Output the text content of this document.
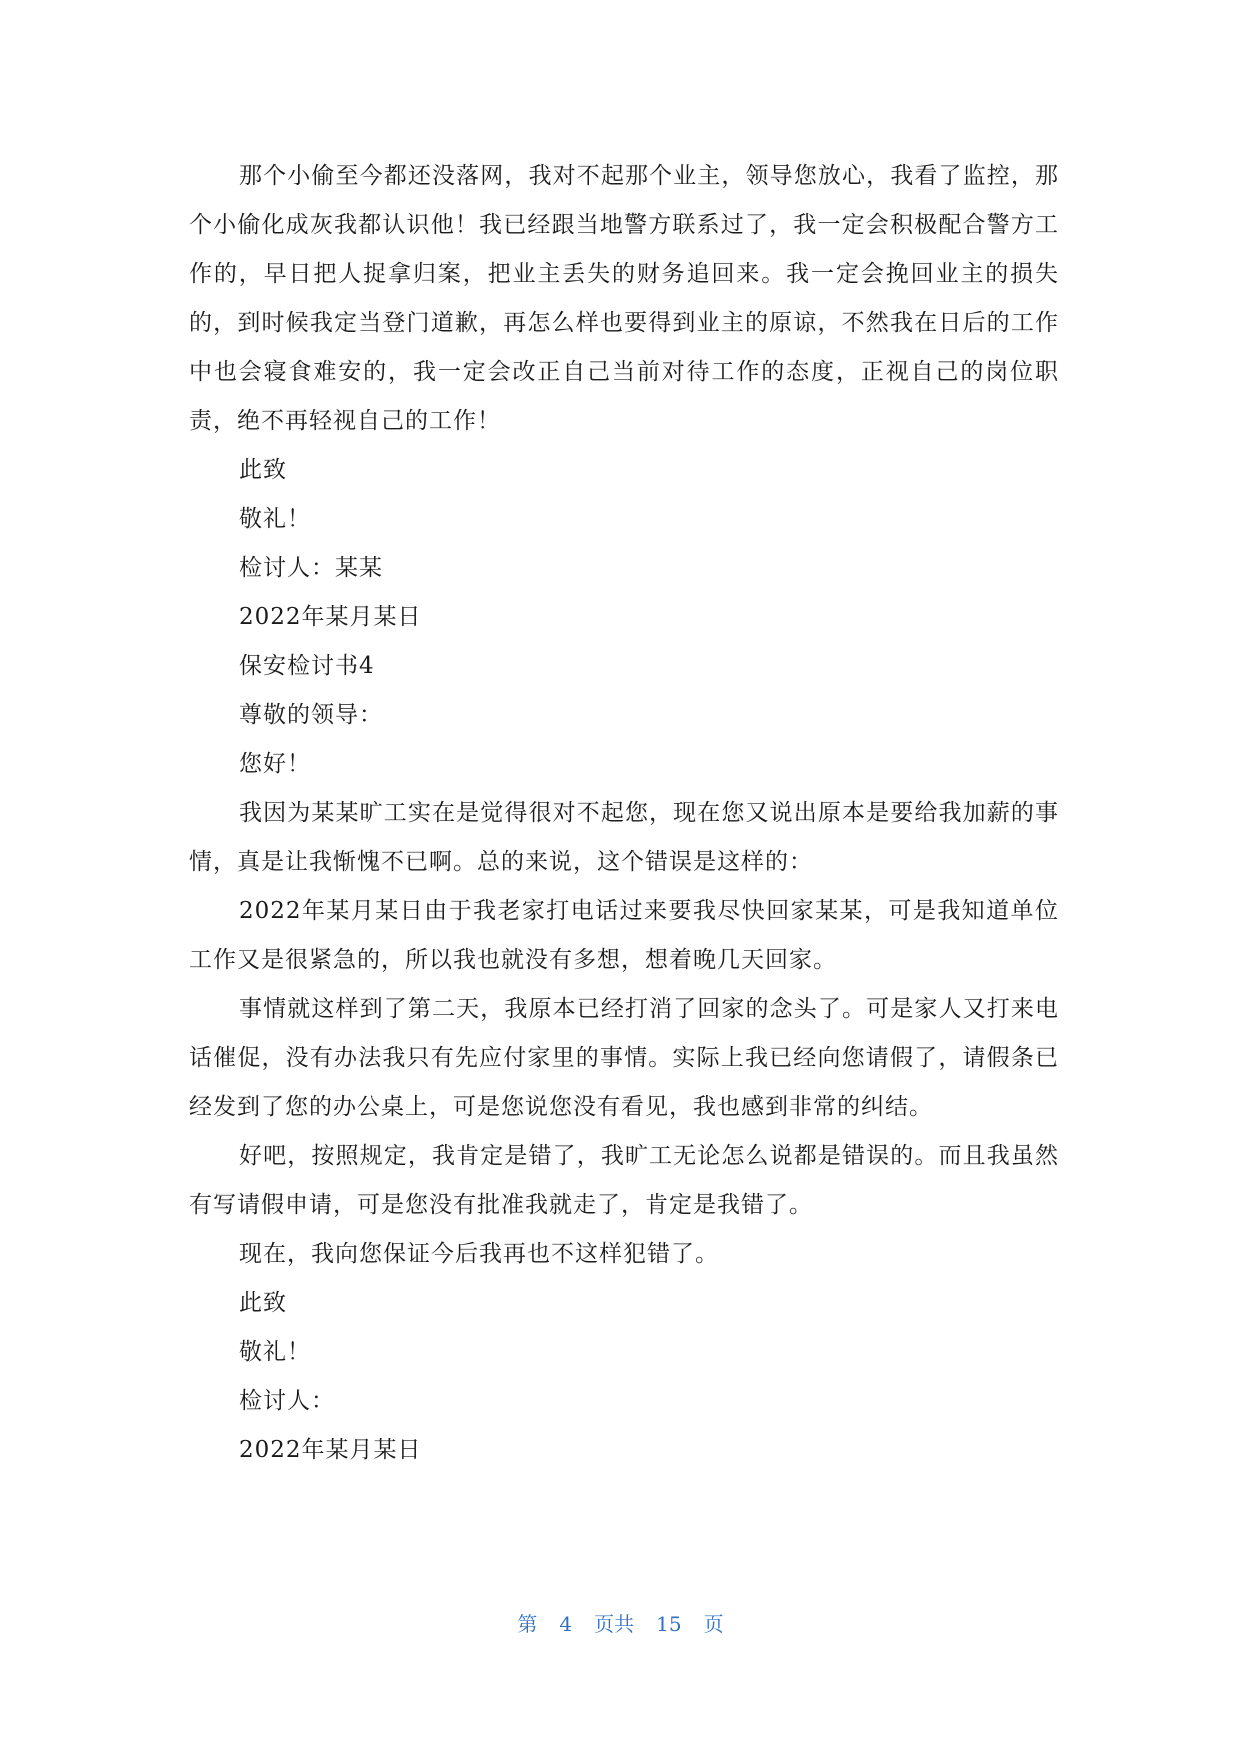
那个小偷至今都还没落网，我对不起那个业主，领导您放心，我看了监控，那个小偷化成灰我都认识他！我已经跟当地警方联系过了，我一定会积极配合警方工作的，早日把人捉拿归案，把业主丢失的财务追回来。我一定会挽回业主的损失的，到时候我定当登门道歉，再怎么样也要得到业主的原谅，不然我在日后的工作中也会寝食难安的，我一定会改正自己当前对待工作的态度，正视自己的岗位职责，绝不再轻视自己的工作！

此致

敬礼！

检讨人：某某

2022年某月某日

保安检讨书4

尊敬的领导：

您好！

我因为某某旷工实在是觉得很对不起您，现在您又说出原本是要给我加薪的事情，真是让我惭愧不已啊。总的来说，这个错误是这样的：

2022年某月某日由于我老家打电话过来要我尽快回家某某，可是我知道单位工作又是很紧急的，所以我也就没有多想，想着晚几天回家。

事情就这样到了第二天，我原本已经打消了回家的念头了。可是家人又打来电话催促，没有办法我只有先应付家里的事情。实际上我已经向您请假了，请假条已经发到了您的办公桌上，可是您说您没有看见，我也感到非常的纠结。

好吧，按照规定，我肯定是错了，我旷工无论怎么说都是错误的。而且我虽然有写请假申请，可是您没有批准我就走了，肯定是我错了。

现在，我向您保证今后我再也不这样犯错了。

此致

敬礼！

检讨人：

2022年某月某日

第 4 页共 15 页
